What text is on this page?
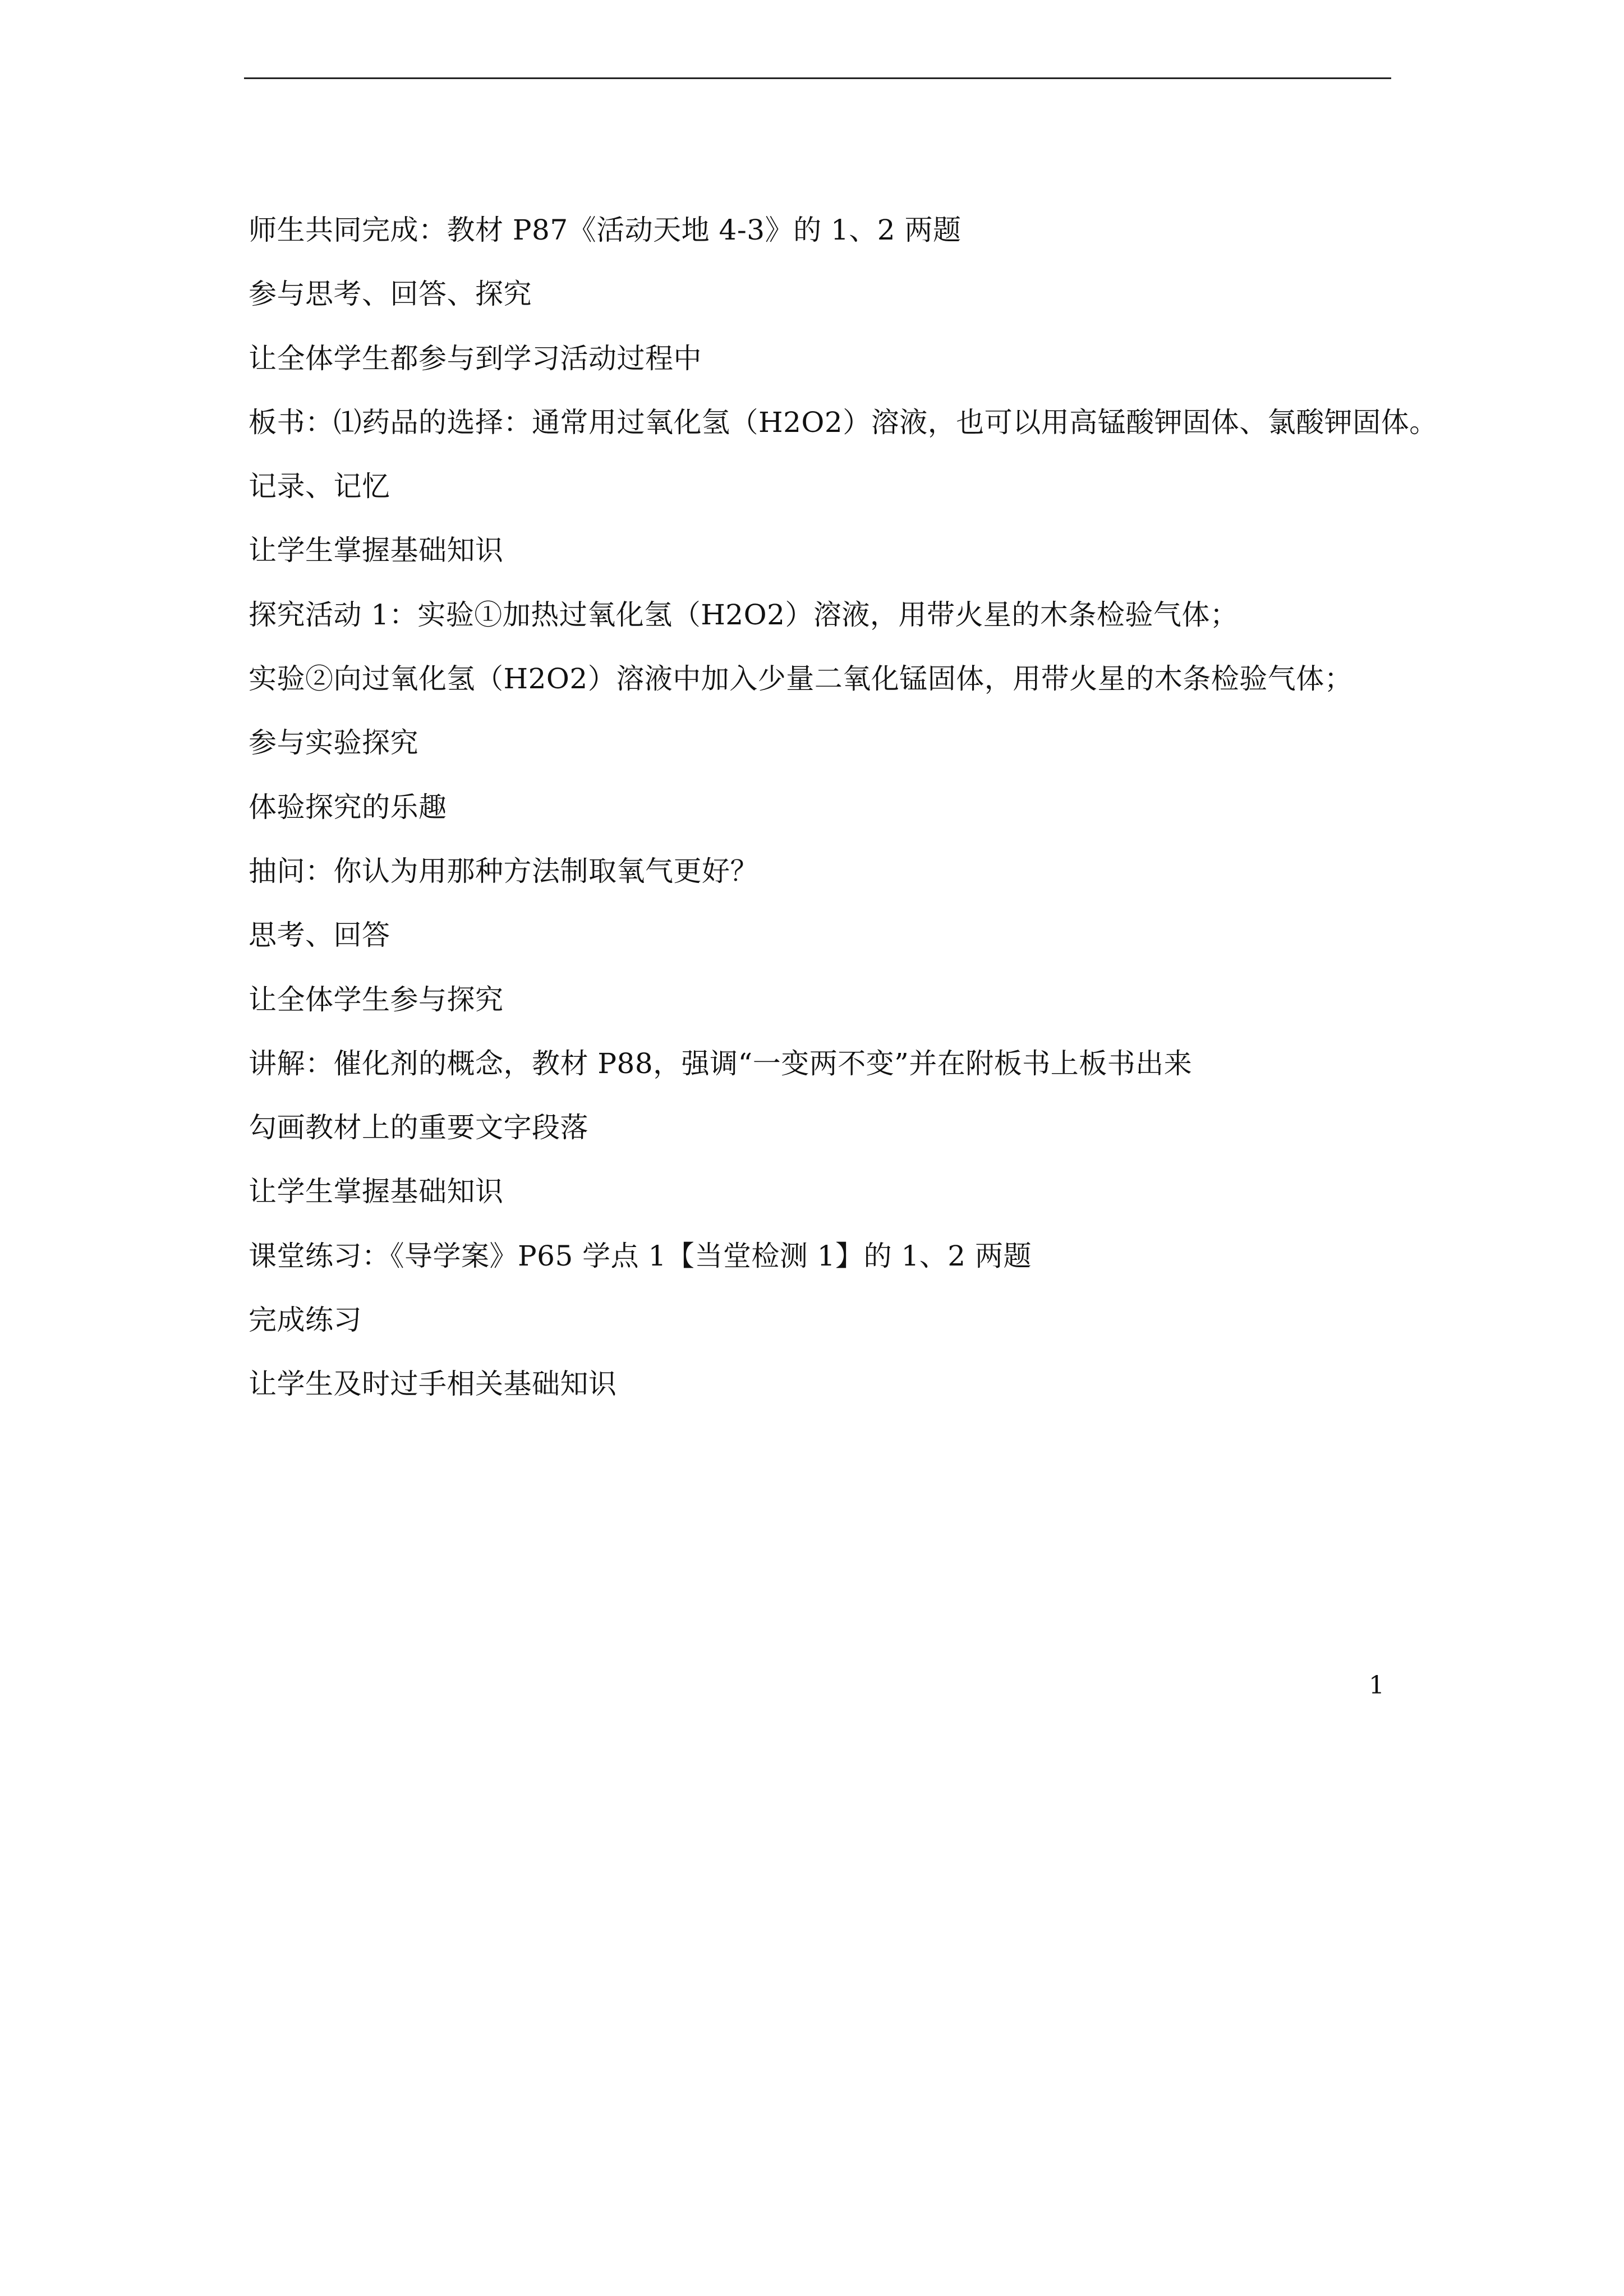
师生共同完成：教材 P87《活动天地 4-3》的 1、2 两题
参与思考、回答、探究
让全体学生都参与到学习活动过程中
板书：⑴药品的选择：通常用过氧化氢（H2O2）溶液，也可以用高锰酸钾固体、氯酸钾固体。
记录、记忆
让学生掌握基础知识
探究活动 1：实验①加热过氧化氢（H2O2）溶液，用带火星的木条检验气体；
实验②向过氧化氢（H2O2）溶液中加入少量二氧化锰固体，用带火星的木条检验气体；
参与实验探究
体验探究的乐趣
抽问：你认为用那种方法制取氧气更好？
思考、回答
让全体学生参与探究
讲解：催化剂的概念，教材 P88，强调“一变两不变”并在附板书上板书出来
勾画教材上的重要文字段落
让学生掌握基础知识
课堂练习：《导学案》P65 学点 1【当堂检测 1】的 1、2 两题
完成练习
让学生及时过手相关基础知识
1
